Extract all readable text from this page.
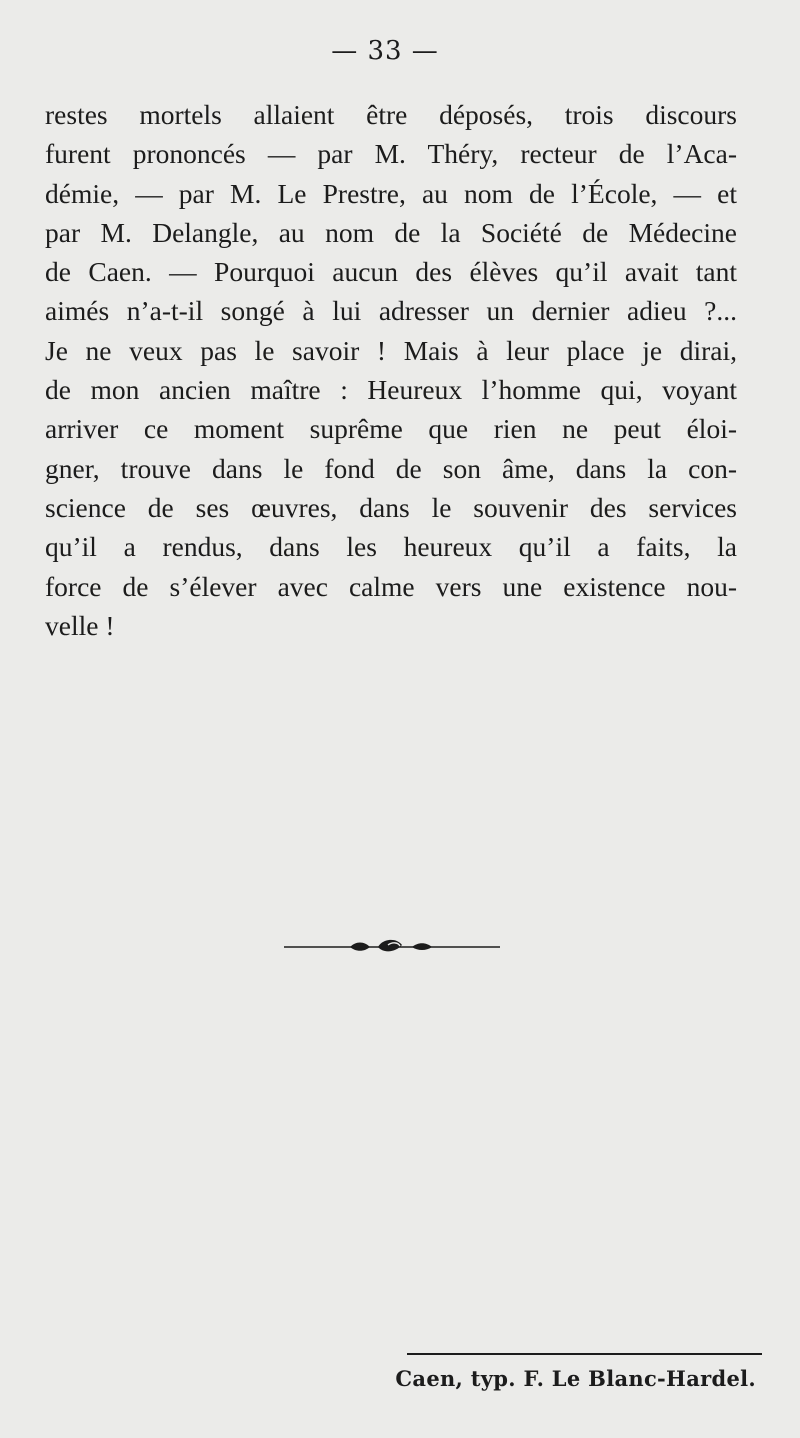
— 33 —
restes mortels allaient être déposés, trois discours
furent prononcés — par M. Théry, recteur de l’Aca-
démie, — par M. Le Prestre, au nom de l’École, — et
par M. Delangle, au nom de la Société de Médecine
de Caen. — Pourquoi aucun des élèves qu’il avait tant
aimés n’a-t-il songé à lui adresser un dernier adieu ?...
Je ne veux pas le savoir ! Mais à leur place je dirai,
de mon ancien maître : Heureux l’homme qui, voyant
arriver ce moment suprême que rien ne peut éloi-
gner, trouve dans le fond de son âme, dans la con-
science de ses œuvres, dans le souvenir des services
qu’il a rendus, dans les heureux qu’il a faits, la
force de s’élever avec calme vers une existence nou-
velle !
Caen, typ. F. Le Blanc-Hardel.
